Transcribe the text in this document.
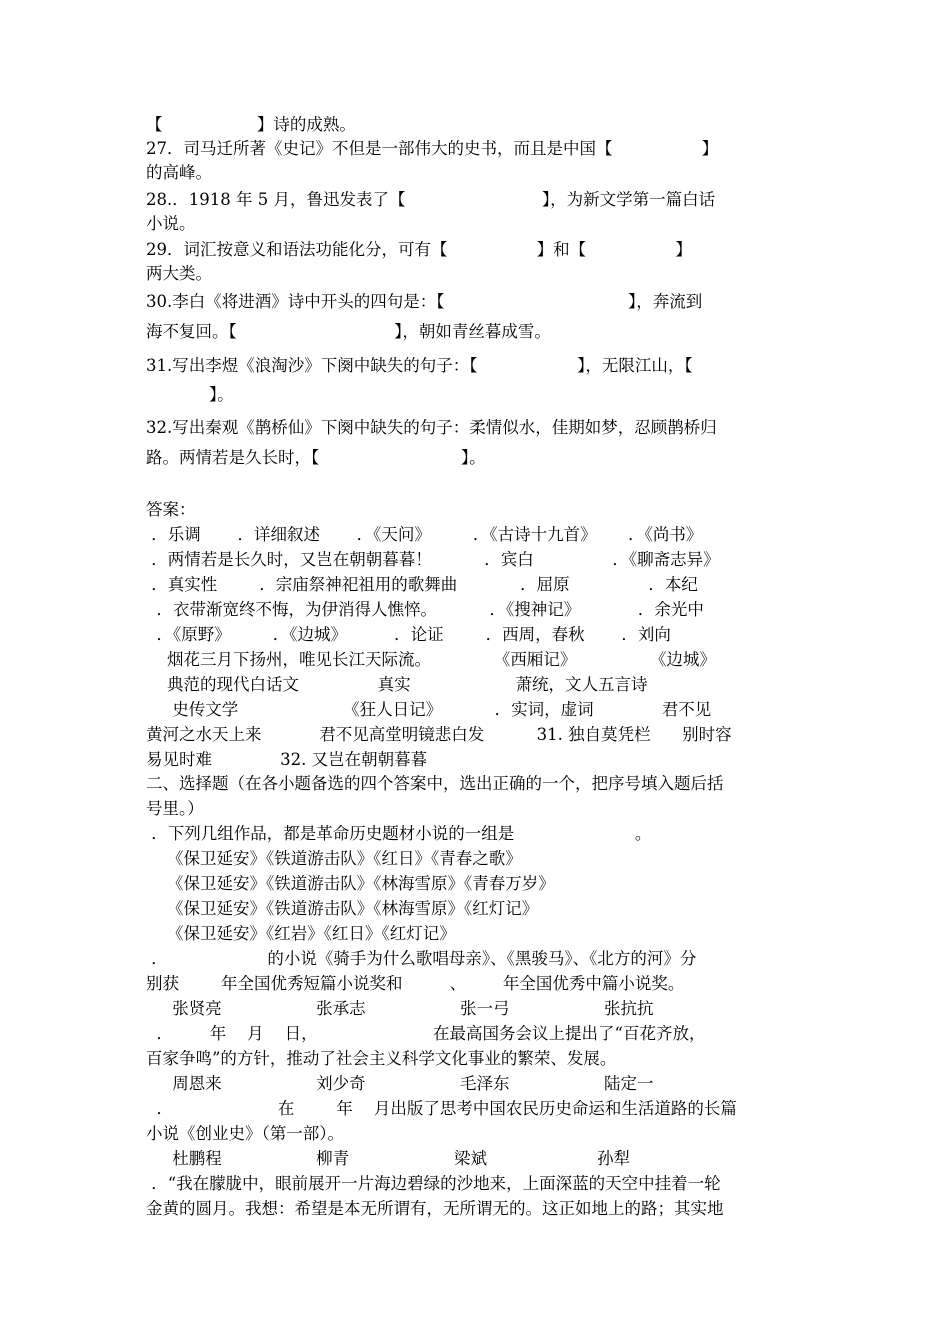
【                  】诗的成熟。
27．司马迁所著《史记》不但是一部伟大的史书，而且是中国【                 】
的高峰。
28.．1918 年 5 月，鲁迅发表了【                          】，为新文学第一篇白话
小说。
29．词汇按意义和语法功能化分，可有【                 】和【                 】
两大类。
30.李白《将进酒》诗中开头的四句是：【                                   】，奔流到
海不复回。【                              】，朝如青丝暮成雪。
31.写出李煜《浪淘沙》下阕中缺失的句子：【                   】，无限江山，【
】。
32.写出秦观《鹊桥仙》下阕中缺失的句子：柔情似水，佳期如梦，忍顾鹊桥归
路。两情若是久长时，【                           】。
答案：
．乐调       ．详细叙述       ．《天问》        ．《古诗十九首》      ．《尚书》
．两情若是长久时，又岂在朝朝暮暮！          ．宾白               ．《聊斋志异》
．真实性        ．宗庙祭神祀祖用的歌舞曲            ．屈原               ．本纪
．衣带渐宽终不悔，为伊消得人憔悴。          ．《搜神记》           ．余光中
．《原野》        ．《边城》         ．论证        ．西周，春秋       ．刘向
烟花三月下扬州，唯见长江天际流。            《西厢记》              《边城》
典范的现代白话文               真实                    萧统，文人五言诗
史传文学                    《狂人日记》          ．实词，虚词             君不见
黄河之水天上来           君不见高堂明镜悲白发          31. 独自莫凭栏      别时容
易见时难             32. 又岂在朝朝暮暮
二、选择题（在各小题备选的四个答案中，选出正确的一个，把序号填入题后括
号里。）
．下列几组作品，都是革命历史题材小说的一组是                       。
《保卫延安》《铁道游击队》《红日》《青春之歌》
《保卫延安》《铁道游击队》《林海雪原》《青春万岁》
《保卫延安》《铁道游击队》《林海雪原》《红灯记》
《保卫延安》《红岩》《红日》《红灯记》
．                   的小说《骑手为什么歌唱母亲》、《黑骏马》、《北方的河》分
别获        年全国优秀短篇小说奖和         、       年全国优秀中篇小说奖。
张贤亮                  张承志                  张一弓                  张抗抗
．       年    月    日，                      在最高国务会议上提出了“百花齐放，
百家争鸣”的方针，推动了社会主义科学文化事业的繁荣、发展。
周恩来                  刘少奇                  毛泽东                  陆定一
．                    在        年    月出版了思考中国农民历史命运和生活道路的长篇
小说《创业史》（第一部）。
杜鹏程                  柳青                    梁斌                     孙犁
．“我在朦胧中，眼前展开一片海边碧绿的沙地来，上面深蓝的天空中挂着一轮
金黄的圆月。我想：希望是本无所谓有，无所谓无的。这正如地上的路；其实地
